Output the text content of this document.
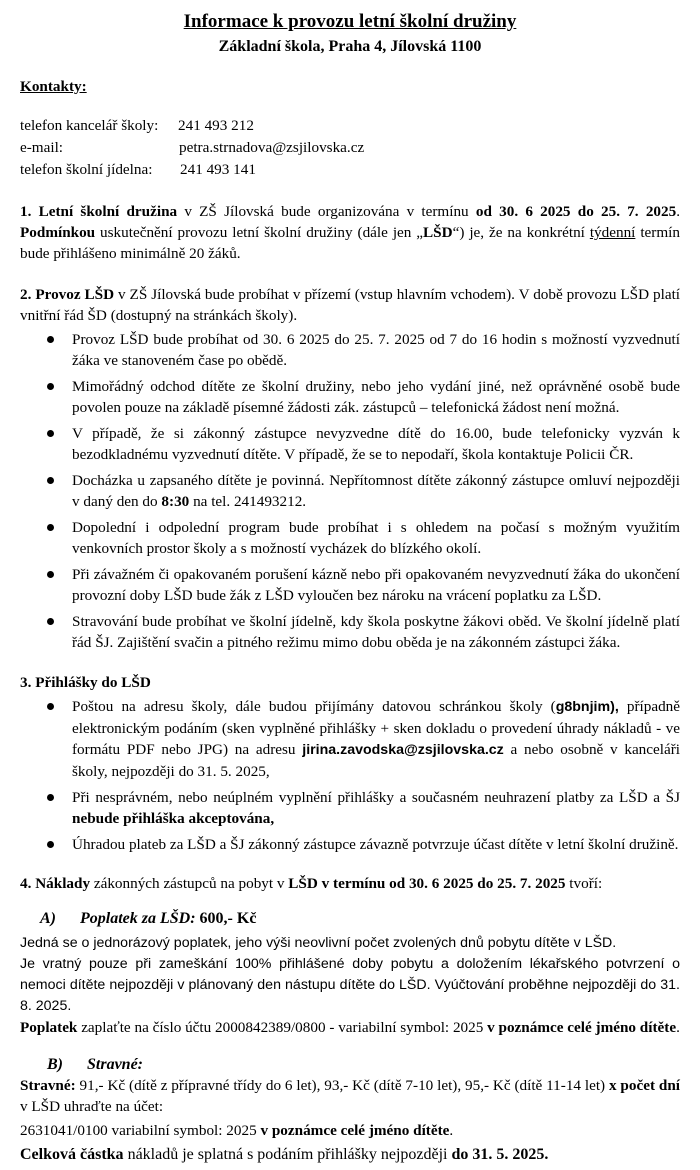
Informace k provozu letní školní družiny
Základní škola, Praha 4, Jílovská 1100
Kontakty:
telefon kancelář školy:	241 493 212
e-mail:	petra.strnadova@zsjilovska.cz
telefon školní jídelna:	241 493 141

1. Letní školní družina v ZŠ Jílovská bude organizována v termínu od 30. 6 2025 do 25. 7. 2025. Podmínkou uskutečnění provozu letní školní družiny (dále jen „LŠD“) je, že na konkrétní týdenní termín bude přihlášeno minimálně 20 žáků.

2. Provoz LŠD v ZŠ Jílovská bude probíhat v přízemí (vstup hlavním vchodem). V době provozu LŠD platí vnitřní řád ŠD (dostupný na stránkách školy).

Provoz LŠD bude probíhat od 30. 6 2025 do 25. 7. 2025 od 7 do 16 hodin s možností vyzvednutí žáka ve stanoveném čase po obědě.
Mimořádný odchod dítěte ze školní družiny, nebo jeho vydání jiné, než oprávněné osobě bude povolen pouze na základě písemné žádosti zák. zástupců – telefonická žádost není možná.
V případě, že si zákonný zástupce nevyzvedne dítě do 16.00, bude telefonicky vyzván k bezodkladnému vyzvednutí dítěte. V případě, že se to nepodaří, škola kontaktuje Policii ČR.
Docházka u zapsaného dítěte je povinná. Nepřítomnost dítěte zákonný zástupce omluví nejpozději v daný den do 8:30 na tel. 241493212.
Dopolední i odpolední program bude probíhat i s ohledem na počasí s možným využitím venkovních prostor školy a s možností vycházek do blízkého okolí.
Při závažném či opakovaném porušení kázně nebo při opakovaném nevyzvednutí žáka do ukončení provozní doby LŠD bude žák z LŠD vyloučen bez nároku na vrácení poplatku za LŠD.
Stravování bude probíhat ve školní jídelně, kdy škola poskytne žákovi oběd. Ve školní jídelně platí řád ŠJ. Zajištění svačin a pitného režimu mimo dobu oběda je na zákonném zástupci žáka.

3. Přihlášky do LŠD

Poštou na adresu školy, dále budou přijímány datovou schránkou školy (g8bnjim), případně elektronickým podáním (sken vyplněné přihlášky + sken dokladu o provedení úhrady nákladů - ve formátu PDF nebo JPG) na adresu jirina.zavodska@zsjilovska.cz a nebo osobně v kanceláři školy, nejpozději do 31. 5. 2025,
Při nesprávném, nebo neúplném vyplnění přihlášky a současném neuhrazení platby za LŠD a ŠJ nebude přihláška akceptována,
Úhradou plateb za LŠD a ŠJ zákonný zástupce závazně potvrzuje účast dítěte v letní školní družině.

4. Náklady zákonných zástupců na pobyt v LŠD v termínu od 30. 6 2025 do 25. 7. 2025 tvoří:

A) Poplatek za LŠD: 600,- Kč

Jedná se o jednorázový poplatek, jeho výši neovlivní počet zvolených dnů pobytu dítěte v LŠD.

Je vratný pouze při zameškání 100% přihlášené doby pobytu a doložením lékařského potvrzení o nemoci dítěte nejpozději v plánovaný den nástupu dítěte do LŠD. Vyúčtování proběhne nejpozději do 31. 8. 2025.

Poplatek zaplaťte na číslo účtu 2000842389/0800 - variabilní symbol: 2025 v poznámce celé jméno dítěte.

B) Stravné:

Stravné: 91,- Kč (dítě z přípravné třídy do 6 let), 93,- Kč (dítě 7-10 let), 95,- Kč (dítě 11-14 let) x počet dní v LŠD uhraďte na účet:

2631041/0100 variabilní symbol: 2025 v poznámce celé jméno dítěte.

Celková částka nákladů je splatná s podáním přihlášky nejpozději do 31. 5. 2025.
